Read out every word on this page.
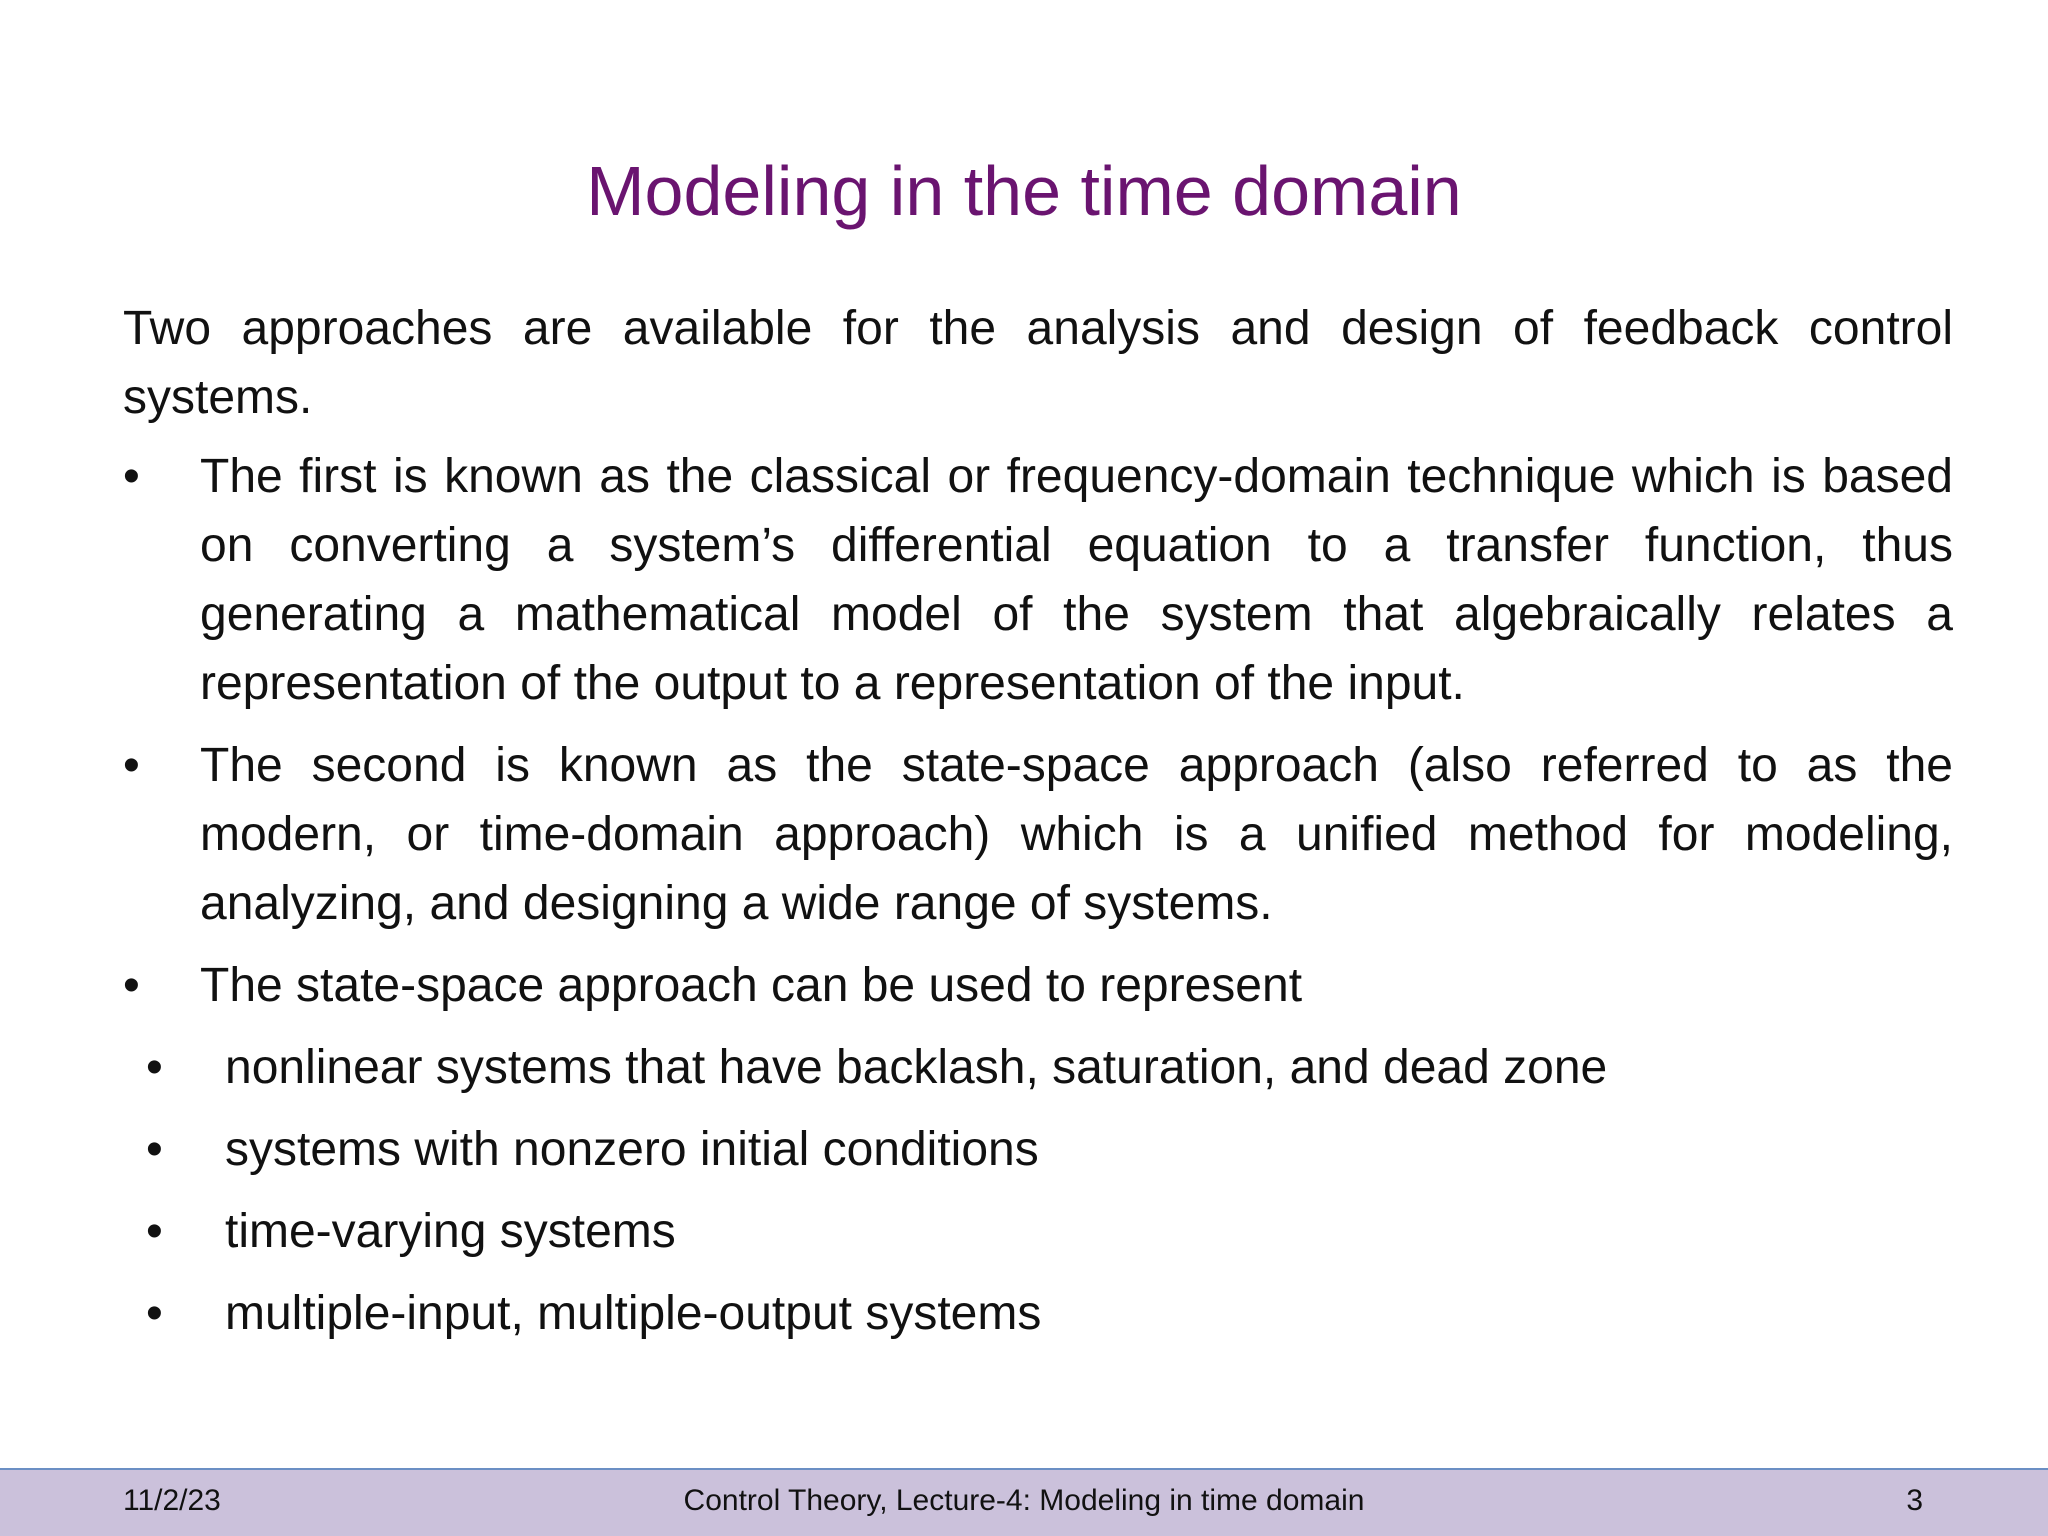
Modeling in the time domain

Two approaches are available for the analysis and design of feedback control systems.

• The first is known as the classical or frequency-domain technique which is based on converting a system’s differential equation to a transfer function, thus generating a mathematical model of the system that algebraically relates a representation of the output to a representation of the input.
• The second is known as the state-space approach (also referred to as the modern, or time-domain approach) which is a unified method for modeling, analyzing, and designing a wide range of systems.
• The state-space approach can be used to represent
• nonlinear systems that have backlash, saturation, and dead zone
• systems with nonzero initial conditions
• time-varying systems
• multiple-input, multiple-output systems
11/2/23	Control Theory, Lecture-4: Modeling in time domain	3
